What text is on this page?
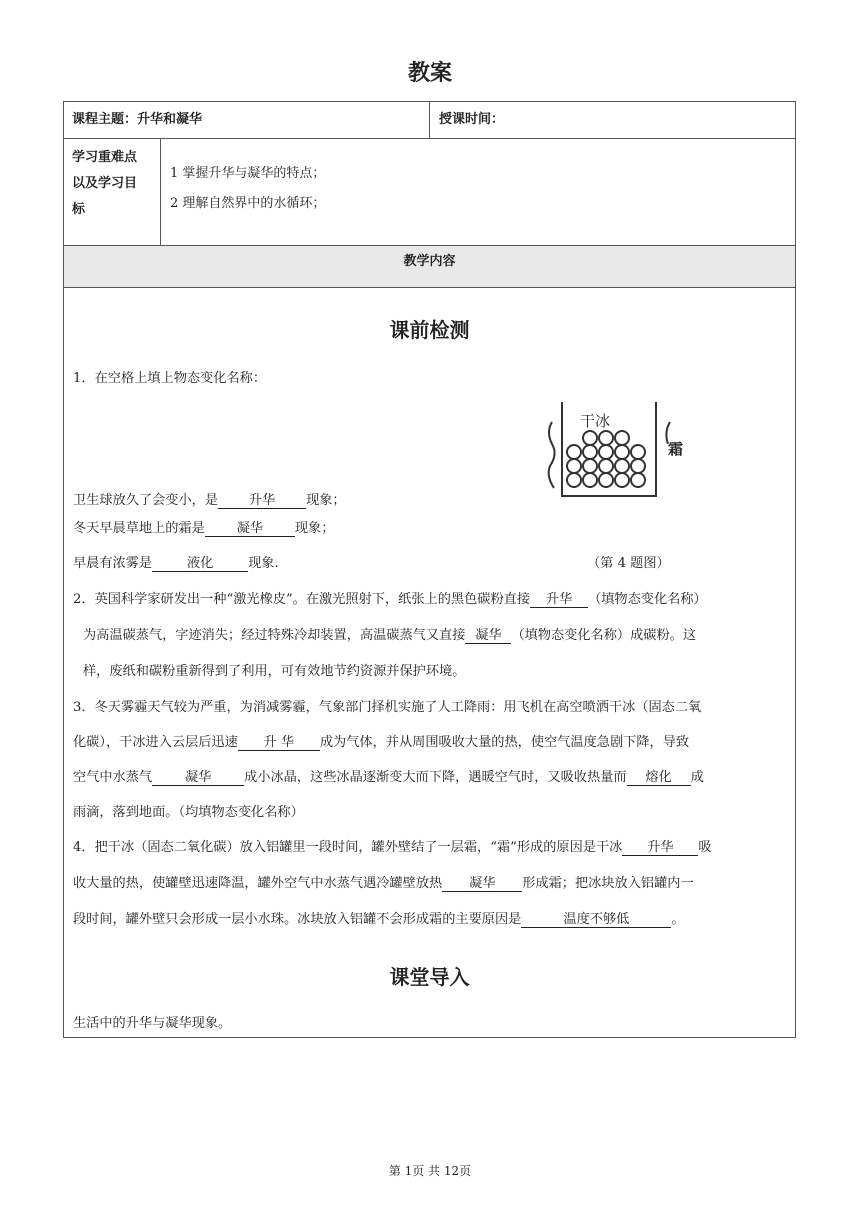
教案
课程主题：升华和凝华	授课时间：
学习重难点
以及学习目
标
1 掌握升华与凝华的特点；
2 理解自然界中的水循环；
教学内容
课前检测
1．在空格上填上物态变化名称：
干冰
霜
卫生球放久了会变小，是 升华 现象；
冬天早晨草地上的霜是 凝华 现象；
早晨有浓雾是	液化	现象.	（第 4 题图）
2．英国科学家研发出一种“激光橡皮”。在激光照射下，纸张上的黑色碳粉直接 升华 （填物态变化名称）
为高温碳蒸气，字迹消失；经过特殊冷却装置，高温碳蒸气又直接 凝华 （填物态变化名称）成碳粉。这
样，废纸和碳粉重新得到了利用，可有效地节约资源并保护环境。
3．冬天雾霾天气较为严重，为消减雾霾，气象部门择机实施了人工降雨：用飞机在高空喷洒干冰（固态二氧
化碳），干冰进入云层后迅速 升 华 成为气体，并从周围吸收大量的热，使空气温度急剧下降，导致
空气中水蒸气 凝华 成小冰晶，这些冰晶逐渐变大而下降，遇暖空气时，又吸收热量而 熔化 成
雨滴，落到地面。（均填物态变化名称）
4．把干冰（固态二氧化碳）放入铝罐里一段时间，罐外壁结了一层霜，“霜”形成的原因是干冰 升华 吸
收大量的热，使罐壁迅速降温，罐外空气中水蒸气遇冷罐壁放热 凝华 形成霜；把冰块放入铝罐内一
段时间，罐外壁只会形成一层小水珠。冰块放入铝罐不会形成霜的主要原因是	温度不够低	。
课堂导入
生活中的升华与凝华现象。
第 1页 共 12页
